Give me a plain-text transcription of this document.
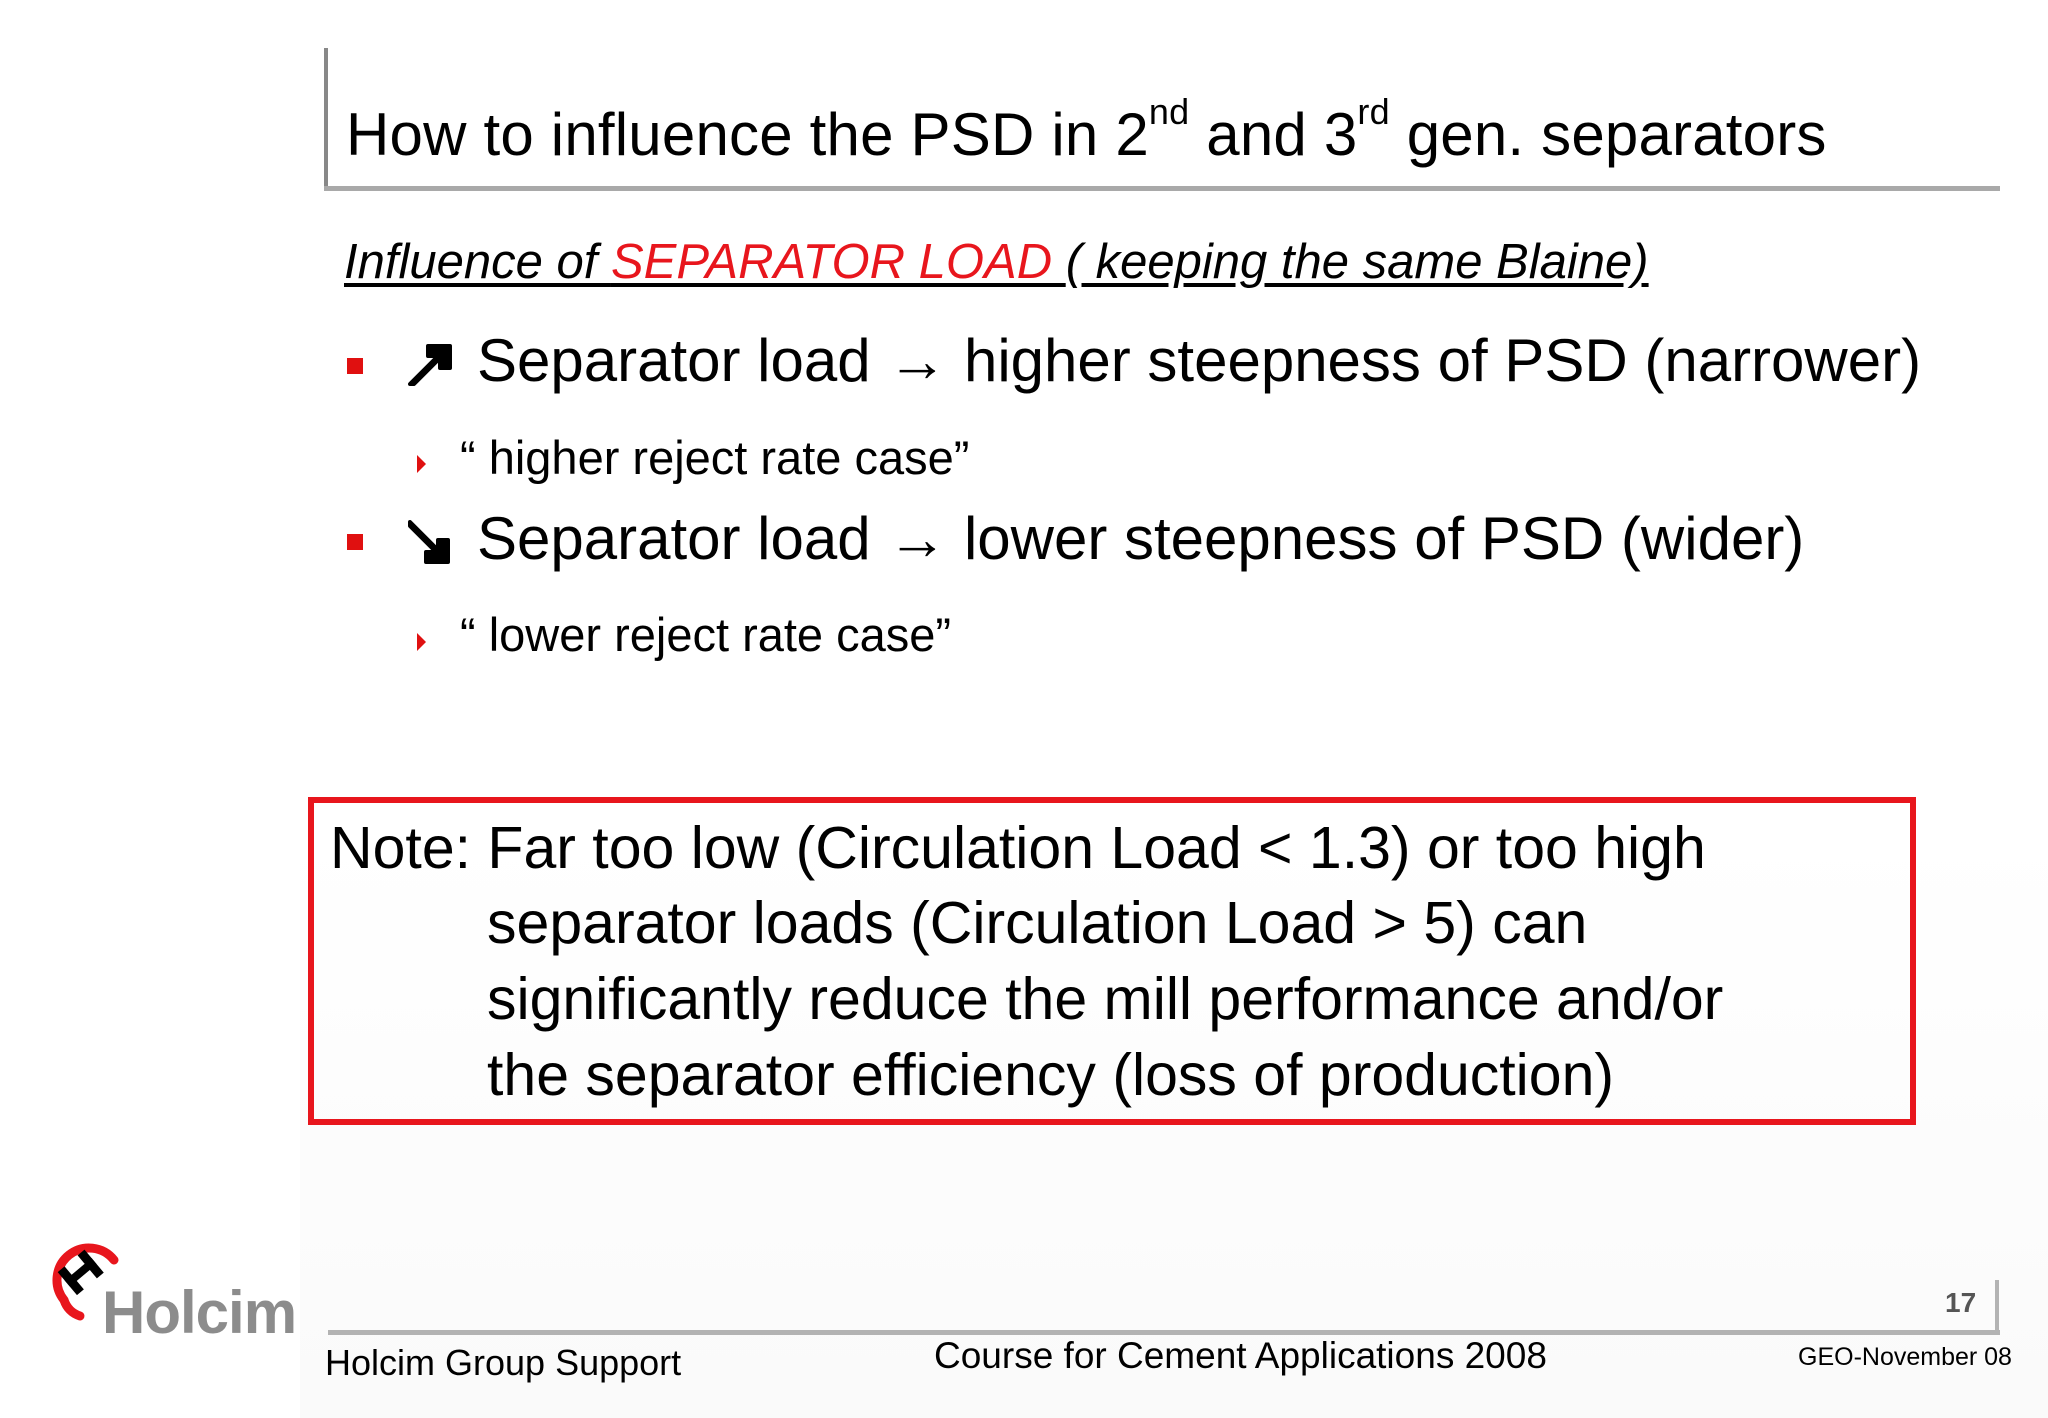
How to influence the PSD in 2nd and 3rd gen. separators
Influence of SEPARATOR LOAD ( keeping the same Blaine)
Separator load → higher steepness of PSD (narrower)
“ higher reject rate case”
Separator load → lower steepness of PSD (wider)
“ lower reject rate case”
Note: Far too low (Circulation Load < 1.3) or too high
separator loads (Circulation Load > 5) can
significantly reduce the mill performance and/or
the separator efficiency (loss of production)
Holcim	17
Holcim Group Support	Course for Cement Applications 2008	GEO-November 08
